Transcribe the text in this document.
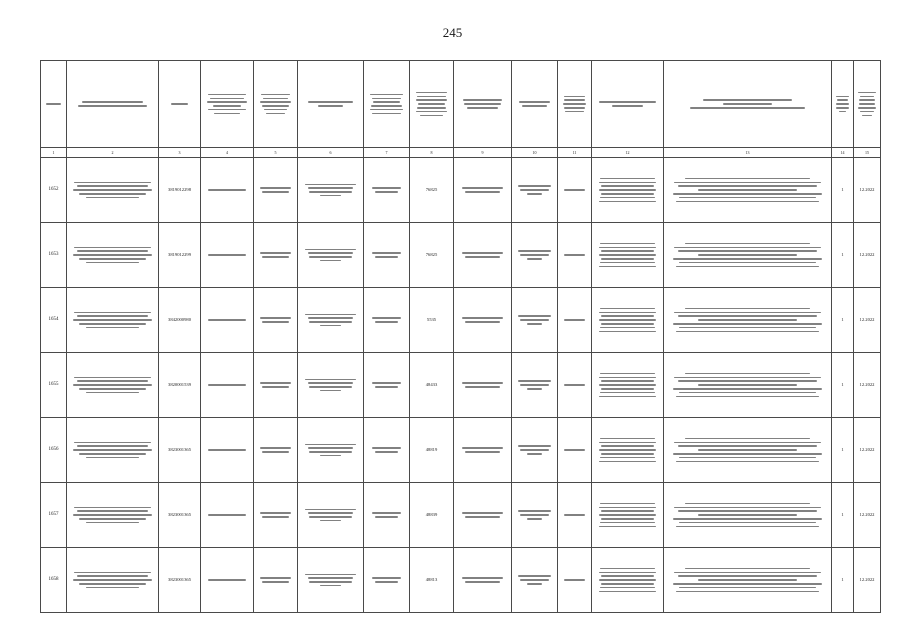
245

1	2	3	4	5	6	7	8	9	10	11	12	13	14	15
1652		3819012298					76825						1	12.2022
1653		3819012299					76825						1	12.2022
1654		3842000980					5535						1	12.2022
1655		3820001539					48433						1	12.2022
1656		3823001365					48819						1	12.2022
1657		3823001365					48839						1	12.2022
1658		3823001365					48813						1	12.2022
